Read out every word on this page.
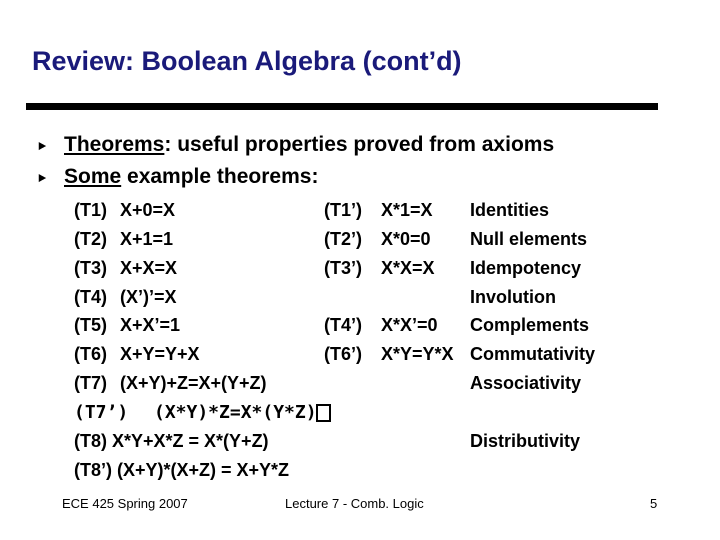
Review: Boolean Algebra (cont’d)
‣ Theorems: useful properties proved from axioms
‣ Some example theorems:
(T1) X+0=X	(T1’) X*1=X Identities
(T2) X+1=1	(T2’) X*0=0 Null elements
(T3) X+X=X	(T3’) X*X=X Idempotency
(T4) (X’)’=X	Involution
(T5) X+X’=1	(T4’) X*X’=0 Complements
(T6) X+Y=Y+X	(T6’) X*Y=Y*X Commutativity
(T7) (X+Y)+Z=X+(Y+Z)	Associativity
(T7’) (X*Y)*Z=X*(Y*Z)
(T8) X*Y+X*Z = X*(Y+Z)	Distributivity
(T8’) (X+Y)*(X+Z) = X+Y*Z
ECE 425 Spring 2007	Lecture 7 - Comb. Logic	5
